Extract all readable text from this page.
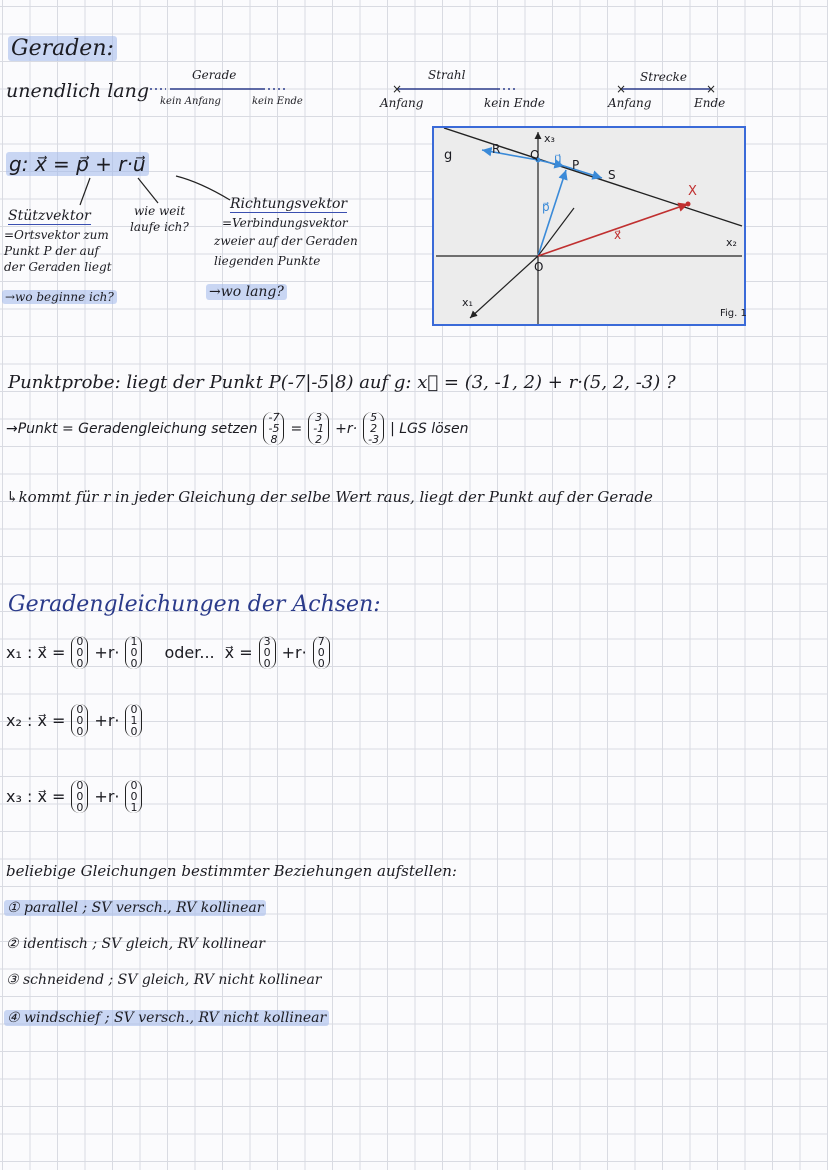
Geraden:
unendlich lang
Gerade
kein Anfang	kein Ende
Strahl
Anfang	kein Ende
Strecke
Anfang	Ende
×	×	×
g: x⃗ = p⃗ + r·u⃗
Stützvektor
=Ortsvektor zum
Punkt P der auf
der Geraden liegt
→wo beginne ich?
wie weit
laufe ich?
Richtungsvektor
=Verbindungsvektor
zweier auf der Geraden
liegenden Punkte
→wo lang?
g	R Q u⃗ P
S
X
p⃗
x⃗
O
x₁
x₂
x₃
Fig. 1
Punktprobe: liegt der Punkt P(-7|-5|8) auf g: x⃗ = (3, -1, 2) + r·(5, 2, -3) ?
→Punkt = Geradengleichung setzen
-7
-5
8
=
3
-1
2
+r·
5
2
-3
| LGS lösen
↳kommt für r in jeder Gleichung der selbe Wert raus, liegt der Punkt auf der Gerade
Geradengleichungen der Achsen:
x₁ : x⃗ =
0
0
0
+r·
1
0
0
oder... x⃗ =
3
0
0
+r·
7
0
0
x₂ : x⃗ =
0
0
0
+r·
0
1
0
x₃ : x⃗ =
0
0
0
+r·
0
0
1
beliebige Gleichungen bestimmter Beziehungen aufstellen:
① parallel ; SV versch., RV kollinear
② identisch ; SV gleich, RV kollinear
③ schneidend ; SV gleich, RV nicht kollinear
④ windschief ; SV versch., RV nicht kollinear
